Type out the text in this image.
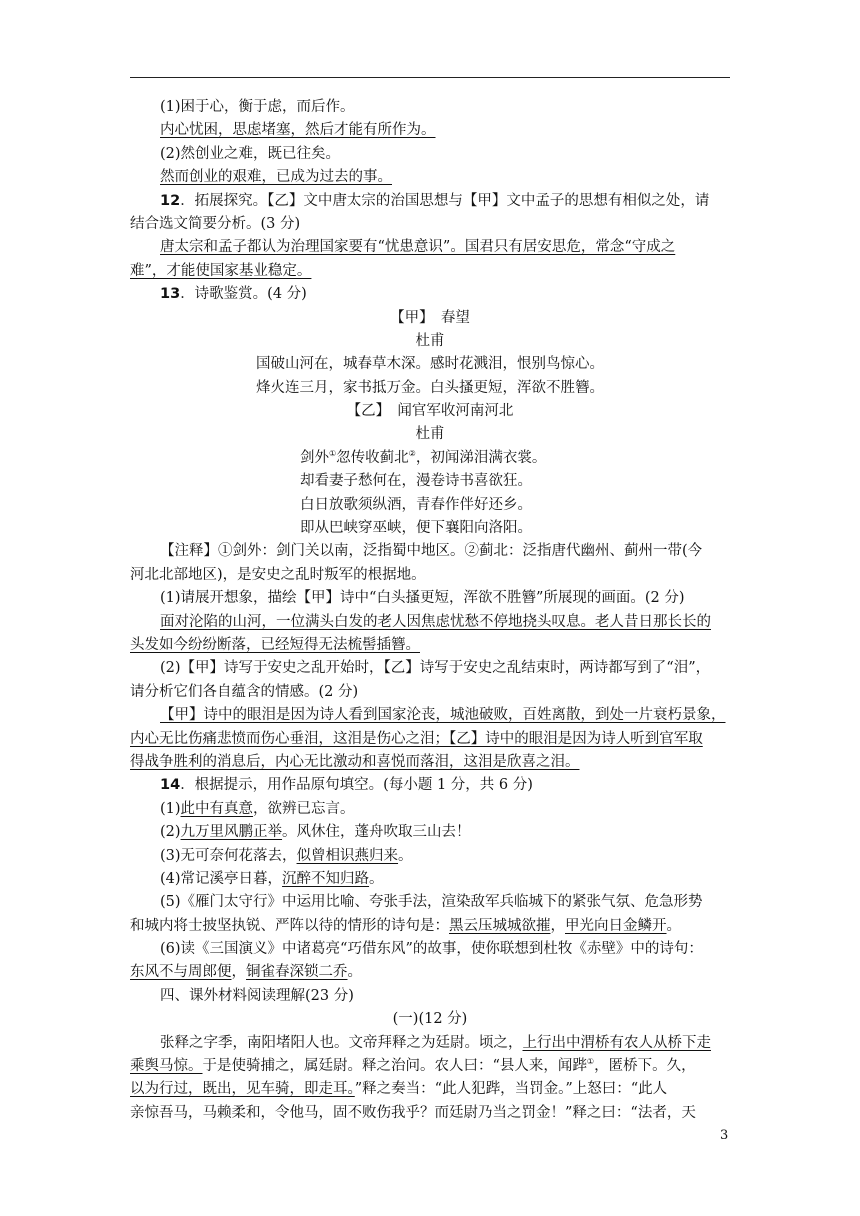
(1)困于心，衡于虑，而后作。
内心忧困，思虑堵塞，然后才能有所作为。
(2)然创业之难，既已往矣。
然而创业的艰难，已成为过去的事。
12．拓展探究。【乙】文中唐太宗的治国思想与【甲】文中孟子的思想有相似之处，请
结合选文简要分析。(3 分)
唐太宗和孟子都认为治理国家要有“忧患意识”。国君只有居安思危，常念“守成之
难”，才能使国家基业稳定。
13．诗歌鉴赏。(4 分)
【甲】　春望
杜甫
国破山河在，城春草木深。感时花溅泪，恨别鸟惊心。
烽火连三月，家书抵万金。白头搔更短，浑欲不胜簪。
【乙】　闻官军收河南河北
杜甫
剑外①忽传收蓟北②，初闻涕泪满衣裳。
却看妻子愁何在，漫卷诗书喜欲狂。
白日放歌须纵酒，青春作伴好还乡。
即从巴峡穿巫峡，便下襄阳向洛阳。
【注释】①剑外：剑门关以南，泛指蜀中地区。②蓟北：泛指唐代幽州、蓟州一带(今
河北北部地区)，是安史之乱时叛军的根据地。
(1)请展开想象，描绘【甲】诗中“白头搔更短，浑欲不胜簪”所展现的画面。(2 分)
面对沦陷的山河，一位满头白发的老人因焦虑忧愁不停地挠头叹息。老人昔日那长长的
头发如今纷纷断落，已经短得无法梳髻插簪。
(2)【甲】诗写于安史之乱开始时，【乙】诗写于安史之乱结束时，两诗都写到了“泪”，
请分析它们各自蕴含的情感。(2 分)
【甲】诗中的眼泪是因为诗人看到国家沦丧，城池破败，百姓离散，到处一片衰朽景象，
内心无比伤痛悲愤而伤心垂泪，这泪是伤心之泪；【乙】诗中的眼泪是因为诗人听到官军取
得战争胜利的消息后，内心无比激动和喜悦而落泪，这泪是欣喜之泪。
14．根据提示，用作品原句填空。(每小题 1 分，共 6 分)
(1)此中有真意，欲辨已忘言。
(2)九万里风鹏正举。风休住，蓬舟吹取三山去！
(3)无可奈何花落去，似曾相识燕归来。
(4)常记溪亭日暮，沉醉不知归路。
(5)《雁门太守行》中运用比喻、夸张手法，渲染敌军兵临城下的紧张气氛、危急形势
和城内将士披坚执锐、严阵以待的情形的诗句是：黑云压城城欲摧，甲光向日金鳞开。
(6)读《三国演义》中诸葛亮“巧借东风”的故事，使你联想到杜牧《赤壁》中的诗句：
东风不与周郎便，铜雀春深锁二乔。
四、课外材料阅读理解(23 分)
(一)(12 分)
张释之字季，南阳堵阳人也。文帝拜释之为廷尉。顷之，上行出中渭桥有农人从桥下走
乘舆马惊。于是使骑捕之，属廷尉。释之治问。农人曰：“县人来，闻跸①，匿桥下。久，
以为行过，既出，见车骑，即走耳。”释之奏当：“此人犯跸，当罚金。”上怒曰：“此人
亲惊吾马，马赖柔和，令他马，固不败伤我乎？而廷尉乃当之罚金！”释之曰：“法者，天
3
